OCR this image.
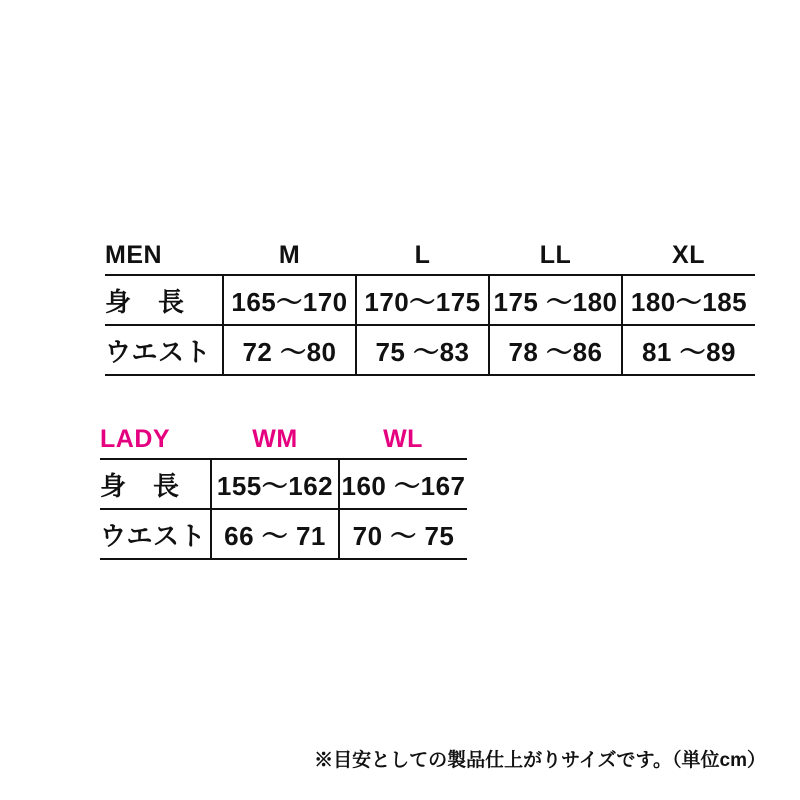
MEN	M	L	LL	XL
身　長	165〜170	170〜175	175 〜180	180〜185
ウエスト	72 〜80	75 〜83	78 〜86	81 〜89
LADY	WM	WL
身　長	155〜162	160 〜167
ウエスト	66 〜 71	70 〜 75
※目安としての製品仕上がりサイズです。（単位cm）
